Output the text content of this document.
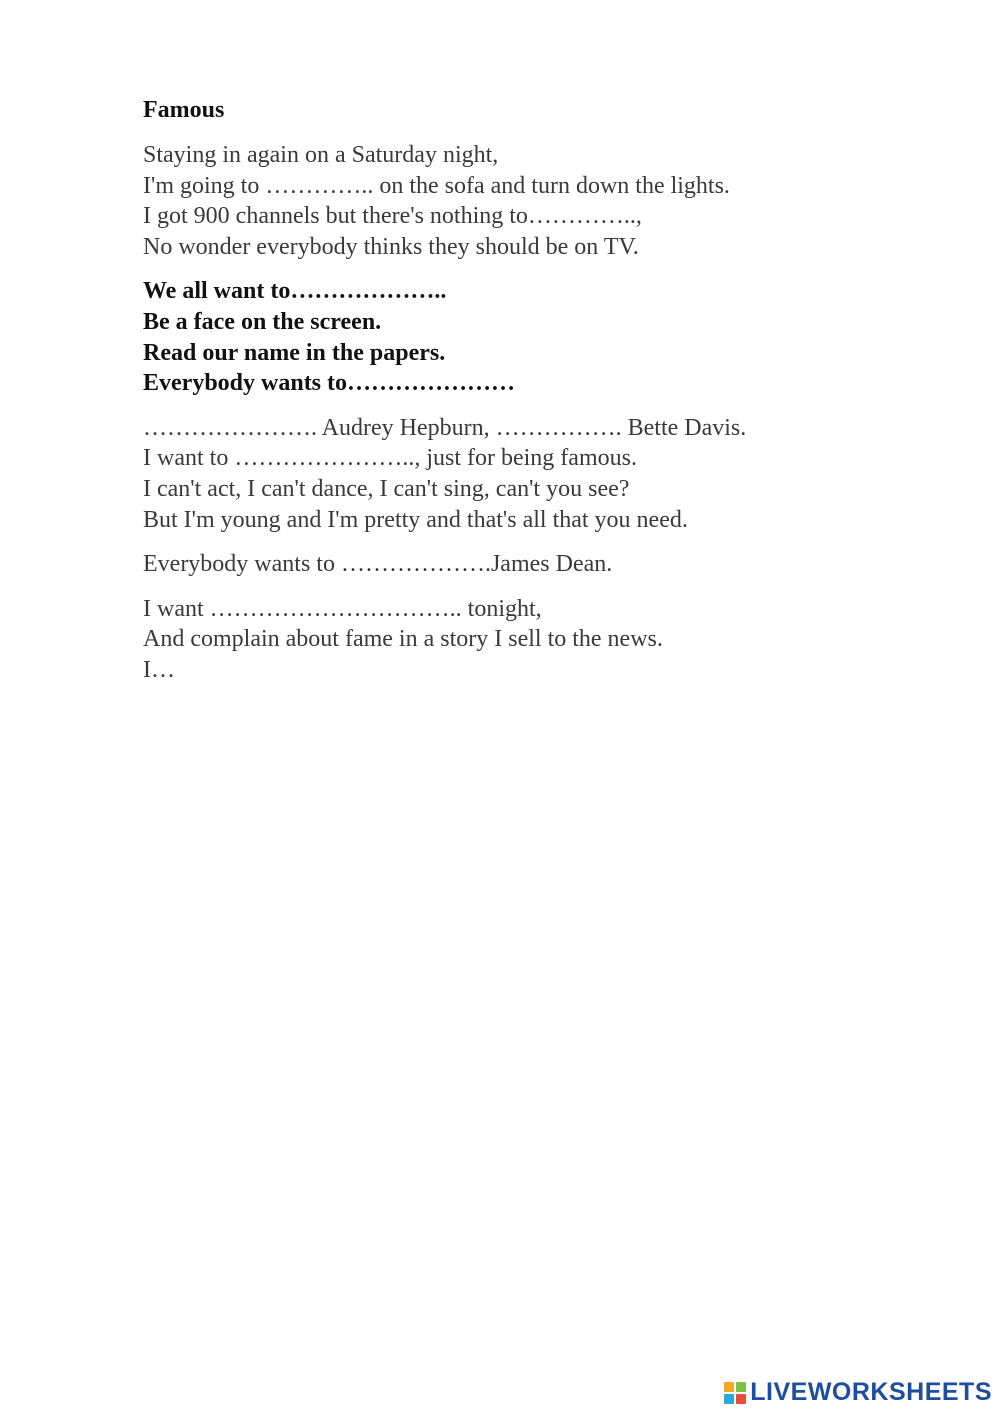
Famous
Staying in again on a Saturday night,
I'm going to ………….. on the sofa and turn down the lights.
I got 900 channels but there's nothing to…………..,
No wonder everybody thinks they should be on TV.
We all want to………………..
Be a face on the screen.
Read our name in the papers.
Everybody wants to…………………
…………………. Audrey Hepburn, ……………. Bette Davis.
I want to ………………….., just for being famous.
I can't act, I can't dance, I can't sing, can't you see?
But I'm young and I'm pretty and that's all that you need.
Everybody wants to ……………….James Dean.
I want ………………………….. tonight,
And complain about fame in a story I sell to the news.
I…
LIVEWORKSHEETS
